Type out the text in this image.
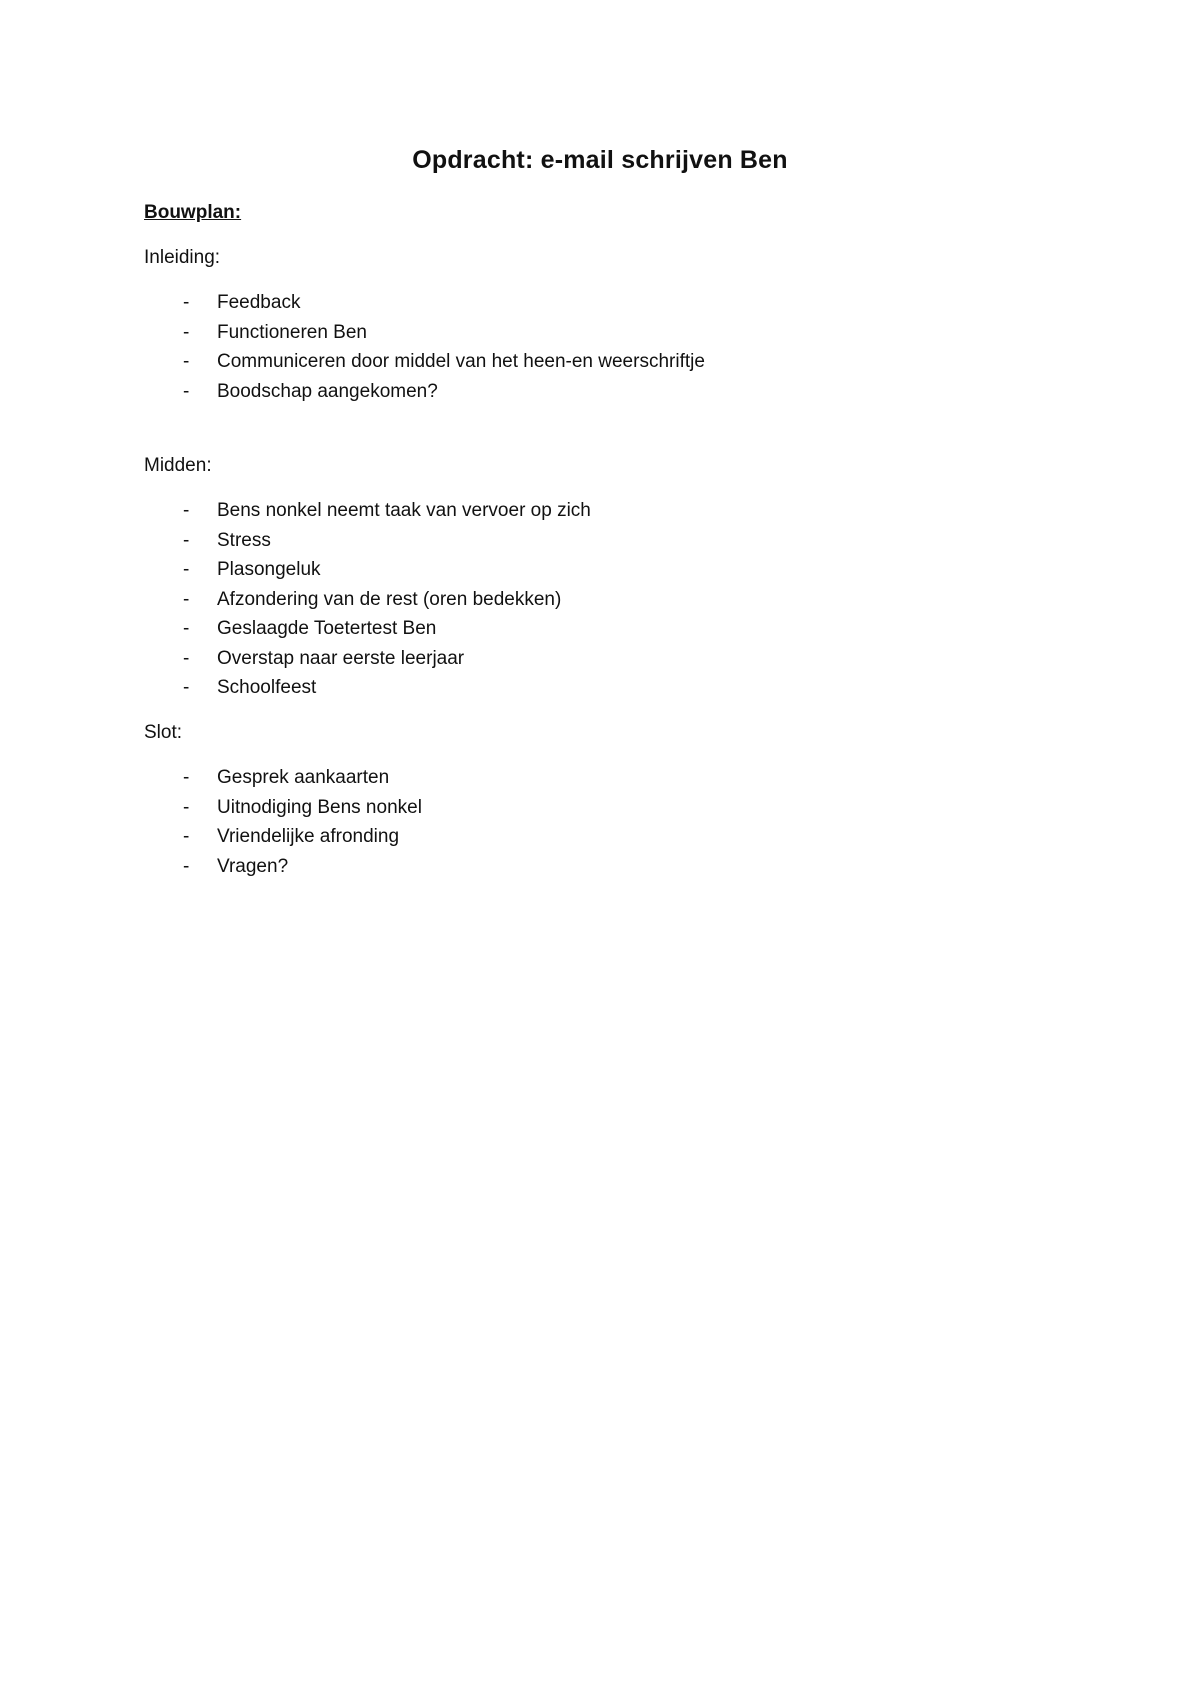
Opdracht: e-mail schrijven Ben
Bouwplan:
Inleiding:
- Feedback
- Functioneren Ben
- Communiceren door middel van het heen-en weerschriftje
- Boodschap aangekomen?
Midden:
- Bens nonkel neemt taak van vervoer op zich
- Stress
- Plasongeluk
- Afzondering van de rest (oren bedekken)
- Geslaagde Toetertest Ben
- Overstap naar eerste leerjaar
- Schoolfeest
Slot:
- Gesprek aankaarten
- Uitnodiging Bens nonkel
- Vriendelijke afronding
- Vragen?
